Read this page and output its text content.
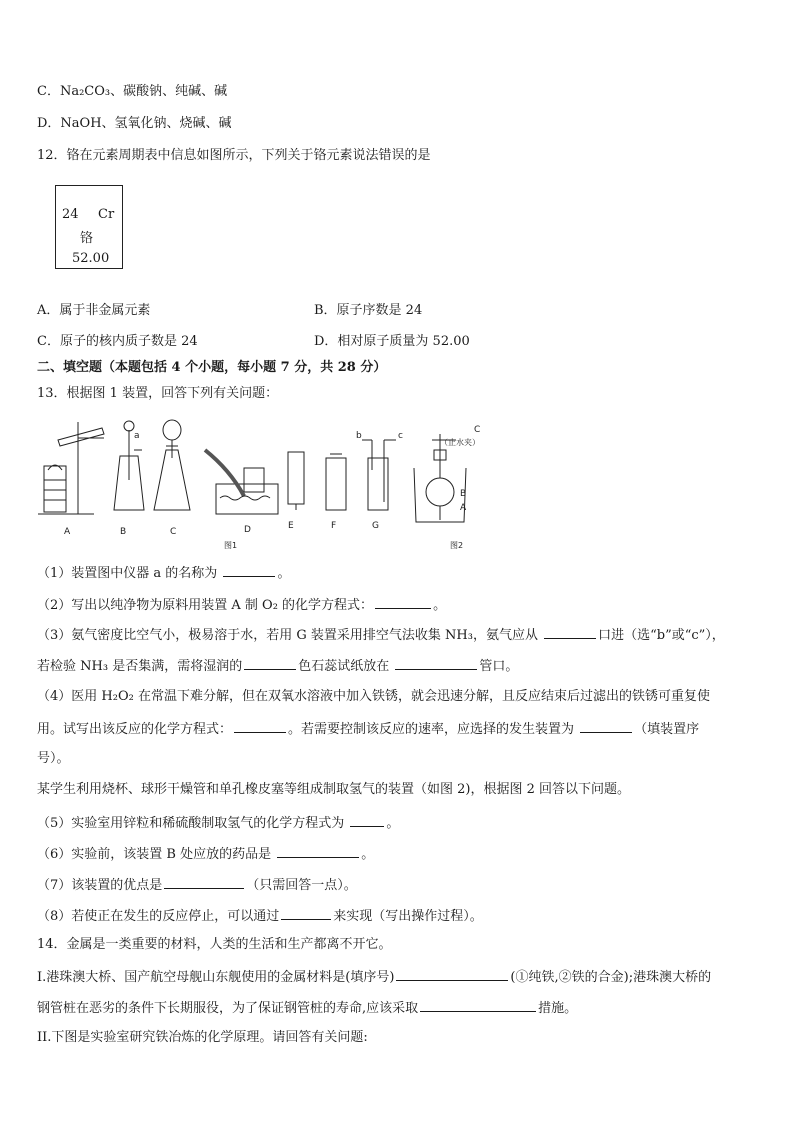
C．Na₂CO₃、碳酸钠、纯碱、碱
D．NaOH、氢氧化钠、烧碱、碱
12．铬在元素周期表中信息如图所示，下列关于铬元素说法错误的是
24 Cr
铬
52.00
A．属于非金属元素	B．原子序数是 24
C．原子的核内质子数是 24	D．相对原子质量为 52.00
二、填空题（本题包括 4 个小题，每小题 7 分，共 28 分）
13．根据图 1 装置，回答下列有关问题：
A	B	C	D	E	F	G
a	b	c
C
（止水夹）
B
A
图1	图2
（1）装置图中仪器 a 的名称为	。
（2）写出以纯净物为原料用装置 A 制 O₂ 的化学方程式：	。
（3）氨气密度比空气小，极易溶于水，若用 G 装置采用排空气法收集 NH₃，氨气应从	口进（选“b”或“c”），
若检验 NH₃ 是否集满，需将湿润的	色石蕊试纸放在	管口。
（4）医用 H₂O₂ 在常温下难分解，但在双氧水溶液中加入铁锈，就会迅速分解，且反应结束后过滤出的铁锈可重复使
用。试写出该反应的化学方程式：	。若需要控制该反应的速率，应选择的发生装置为	（填装置序
号）。
某学生利用烧杯、球形干燥管和单孔橡皮塞等组成制取氢气的装置（如图 2)，根据图 2 回答以下问题。
（5）实验室用锌粒和稀硫酸制取氢气的化学方程式为	。
（6）实验前，该装置 B 处应放的药品是	。
（7）该装置的优点是	（只需回答一点）。
（8）若使正在发生的反应停止，可以通过	来实现（写出操作过程）。
14．金属是一类重要的材料，人类的生活和生产都离不开它。
I.港珠澳大桥、国产航空母舰山东舰使用的金属材料是(填序号)	(①纯铁,②铁的合金);港珠澳大桥的
钢管桩在恶劣的条件下长期服役，为了保证钢管桩的寿命,应该采取	措施。
II.下图是实验室研究铁冶炼的化学原理。请回答有关问题:
